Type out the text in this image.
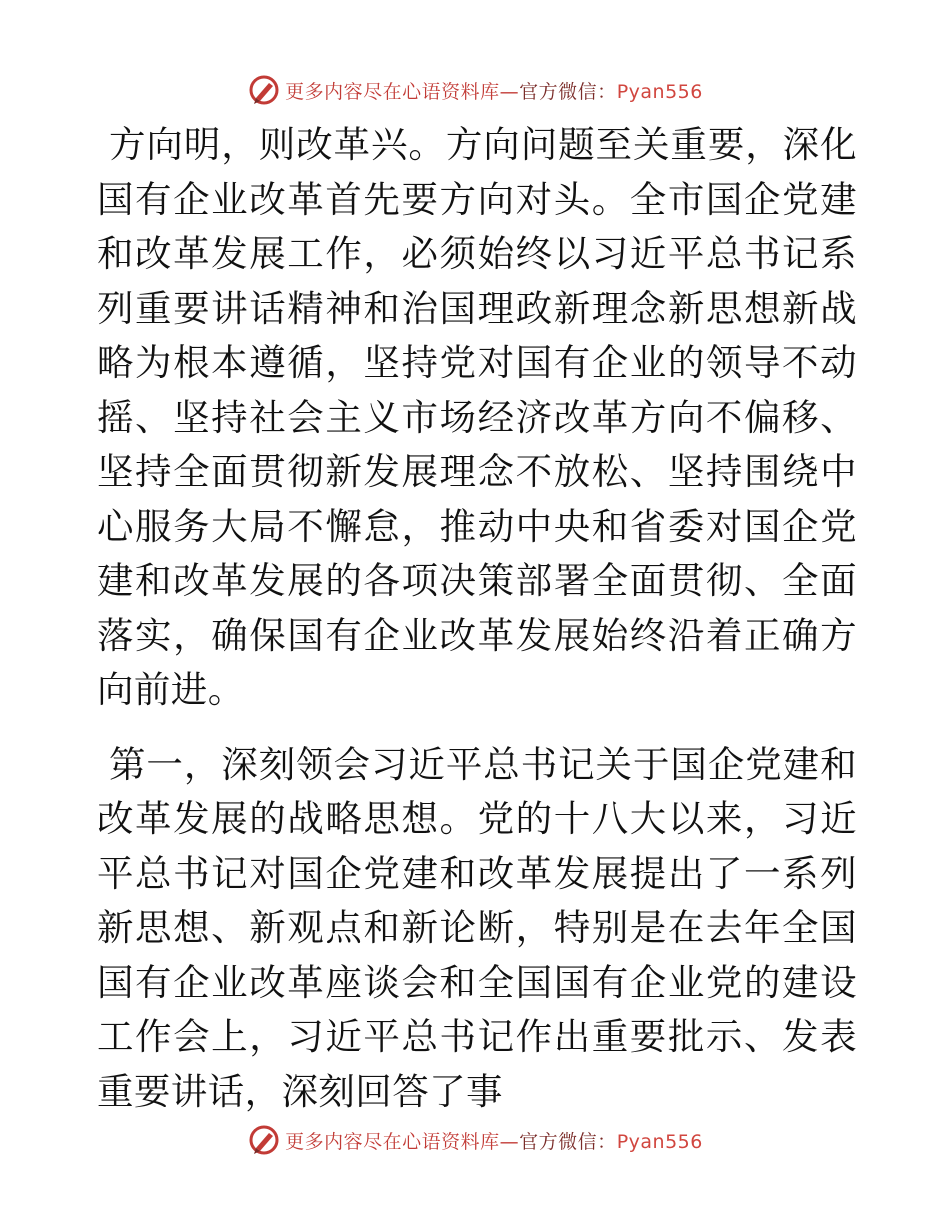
更多内容尽在心语资料库—官方微信：Pyan556

方向明，则改革兴。方向问题至关重要，深化国有企业改革首先要方向对头。全市国企党建和改革发展工作，必须始终以习近平总书记系列重要讲话精神和治国理政新理念新思想新战略为根本遵循，坚持党对国有企业的领导不动摇、坚持社会主义市场经济改革方向不偏移、坚持全面贯彻新发展理念不放松、坚持围绕中心服务大局不懈怠，推动中央和省委对国企党建和改革发展的各项决策部署全面贯彻、全面落实，确保国有企业改革发展始终沿着正确方向前进。

第一，深刻领会习近平总书记关于国企党建和改革发展的战略思想。党的十八大以来，习近平总书记对国企党建和改革发展提出了一系列新思想、新观点和新论断，特别是在去年全国国有企业改革座谈会和全国国有企业党的建设工作会上，习近平总书记作出重要批示、发表重要讲话，深刻回答了事

更多内容尽在心语资料库—官方微信：Pyan556
